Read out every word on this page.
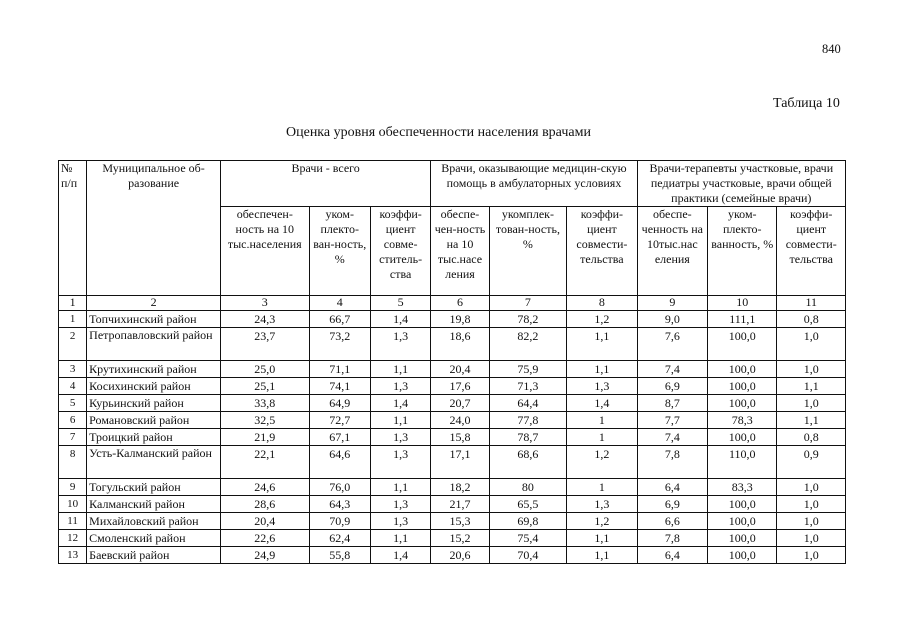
840
Таблица 10
Оценка уровня обеспеченности населения врачами
№ п/п	Муниципальное об-разование	Врачи - всего			Врачи, оказывающие медицин-скую помощь в амбулаторных условиях			Врачи-терапевты участковые, врачи педиатры участковые, врачи общей практики (семейные врачи)		
		обеспечен-ность на 10 тыс.населения	уком-плекто-ван-ность, %	коэффи-циент совме-ститель-ства	обеспе-чен-ность на 10 тыс.насе ления	укомплек-тован-ность, %	коэффи-циент совмести-тельства	обеспе-ченность на 10тыс.нас еления	уком-плекто-ванность, %	коэффи-циент совмести-тельства
1	2	3	4	5	6	7	8	9	10	11
1	Топчихинский район	24,3	66,7	1,4	19,8	78,2	1,2	9,0	111,1	0,8
2	Петропавловский район	23,7	73,2	1,3	18,6	82,2	1,1	7,6	100,0	1,0
3	Крутихинский район	25,0	71,1	1,1	20,4	75,9	1,1	7,4	100,0	1,0
4	Косихинский район	25,1	74,1	1,3	17,6	71,3	1,3	6,9	100,0	1,1
5	Курьинский район	33,8	64,9	1,4	20,7	64,4	1,4	8,7	100,0	1,0
6	Романовский район	32,5	72,7	1,1	24,0	77,8	1	7,7	78,3	1,1
7	Троицкий район	21,9	67,1	1,3	15,8	78,7	1	7,4	100,0	0,8
8	Усть-Калманский район	22,1	64,6	1,3	17,1	68,6	1,2	7,8	110,0	0,9
9	Тогульский район	24,6	76,0	1,1	18,2	80	1	6,4	83,3	1,0
10	Калманский район	28,6	64,3	1,3	21,7	65,5	1,3	6,9	100,0	1,0
11	Михайловский район	20,4	70,9	1,3	15,3	69,8	1,2	6,6	100,0	1,0
12	Смоленский район	22,6	62,4	1,1	15,2	75,4	1,1	7,8	100,0	1,0
13	Баевский район	24,9	55,8	1,4	20,6	70,4	1,1	6,4	100,0	1,0
